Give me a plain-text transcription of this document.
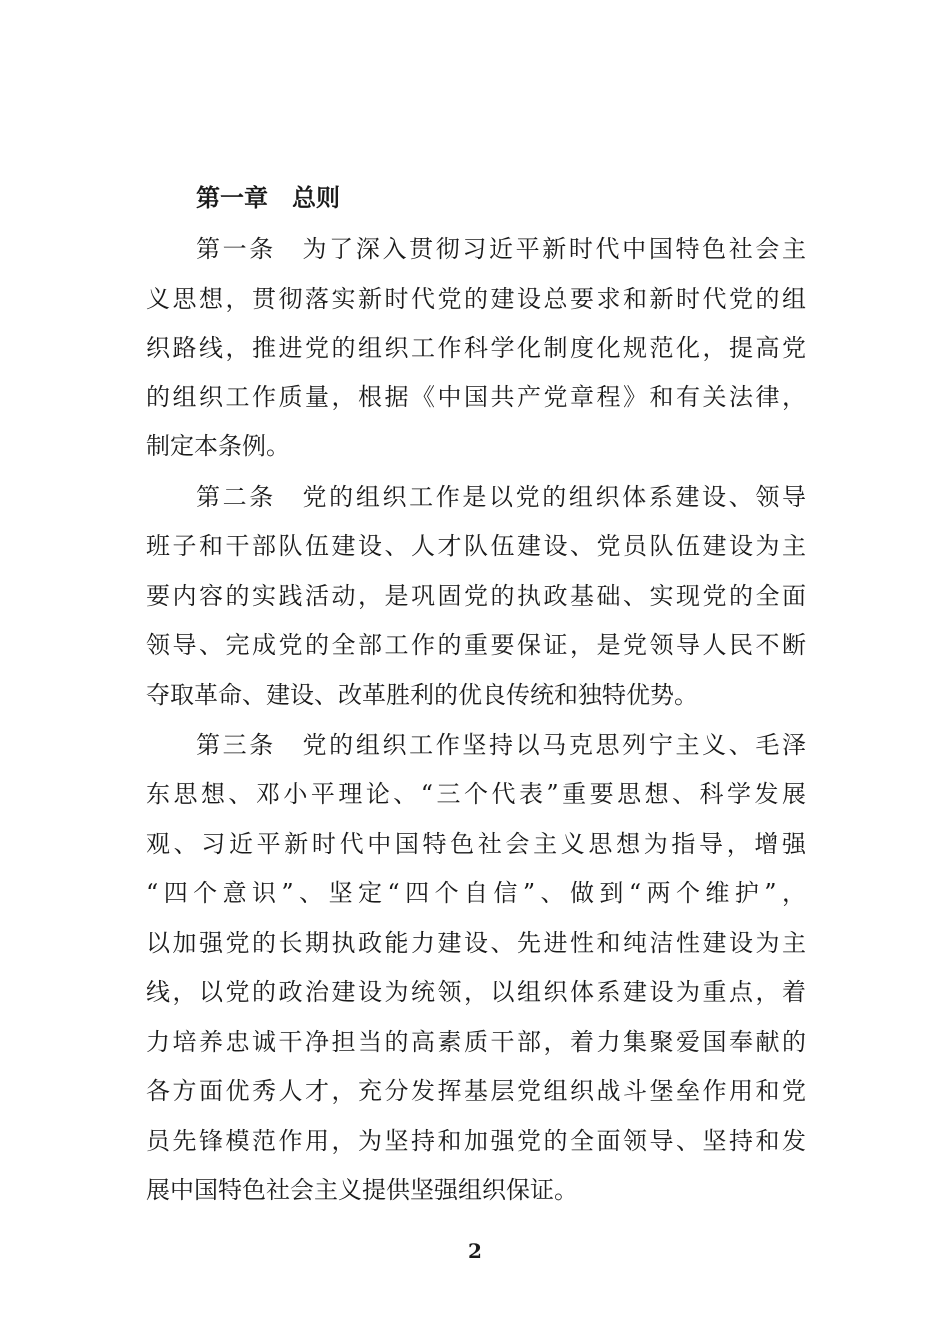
第一章　总则

第一条　为了深入贯彻习近平新时代中国特色社会主

义思想，贯彻落实新时代党的建设总要求和新时代党的组

织路线，推进党的组织工作科学化制度化规范化，提高党

的组织工作质量，根据《中国共产党章程》和有关法律，

制定本条例。

第二条　党的组织工作是以党的组织体系建设、领导

班子和干部队伍建设、人才队伍建设、党员队伍建设为主

要内容的实践活动，是巩固党的执政基础、实现党的全面

领导、完成党的全部工作的重要保证，是党领导人民不断

夺取革命、建设、改革胜利的优良传统和独特优势。

第三条　党的组织工作坚持以马克思列宁主义、毛泽

东思想、邓小平理论、“三个代表”重要思想、科学发展

观、习近平新时代中国特色社会主义思想为指导，增强

“四个意识”、坚定“四个自信”、做到“两个维护”，

以加强党的长期执政能力建设、先进性和纯洁性建设为主

线，以党的政治建设为统领，以组织体系建设为重点，着

力培养忠诚干净担当的高素质干部，着力集聚爱国奉献的

各方面优秀人才，充分发挥基层党组织战斗堡垒作用和党

员先锋模范作用，为坚持和加强党的全面领导、坚持和发

展中国特色社会主义提供坚强组织保证。

2
